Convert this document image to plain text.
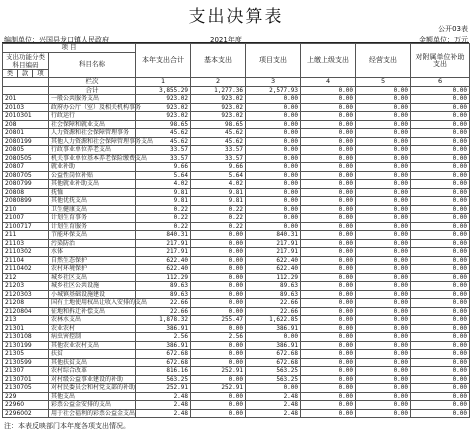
支出决算表
公开03表
编制单位：兴国县龙口镇人民政府	2021年度	金额单位：万元
项 目				本年支出合计	基本支出	项目支出	上缴上级支出	经营支出	对附属单位补助支出
支出功能分类科目编码			科目名称						

类	款	项							
			栏次	1	2	3	4	5	6
			合计	3,855.29	1,277.36	2,577.93	0.00	0.00	0.00
201			一般公共服务支出	923.02	923.02	0.00	0.00	0.00	0.00
20103			政府办公厅（室）及相关机构事务	923.02	923.02	0.00	0.00	0.00	0.00
2010301			行政运行	923.02	923.02	0.00	0.00	0.00	0.00
208			社会保障和就业支出	98.65	98.65	0.00	0.00	0.00	0.00
20801			人力资源和社会保障管理事务	45.62	45.62	0.00	0.00	0.00	0.00
2080199			其他人力资源和社会保障管理事务支出	45.62	45.62	0.00	0.00	0.00	0.00
20805			行政事业单位养老支出	33.57	33.57	0.00	0.00	0.00	0.00
2080505			机关事业单位基本养老保险缴费支出	33.57	33.57	0.00	0.00	0.00	0.00
20807			就业补助	9.66	9.66	0.00	0.00	0.00	0.00
2080705			公益性岗位补贴	5.64	5.64	0.00	0.00	0.00	0.00
2080799			其他就业补助支出	4.02	4.02	0.00	0.00	0.00	0.00
20808			抚恤	9.81	9.81	0.00	0.00	0.00	0.00
2080899			其他优抚支出	9.81	9.81	0.00	0.00	0.00	0.00
210			卫生健康支出	0.22	0.22	0.00	0.00	0.00	0.00
21007			计划生育事务	0.22	0.22	0.00	0.00	0.00	0.00
2100717			计划生育服务	0.22	0.22	0.00	0.00	0.00	0.00
211			节能环保支出	840.31	0.00	840.31	0.00	0.00	0.00
21103			污染防治	217.91	0.00	217.91	0.00	0.00	0.00
2110302			水体	217.91	0.00	217.91	0.00	0.00	0.00
21104			自然生态保护	622.40	0.00	622.40	0.00	0.00	0.00
2110402			农村环境保护	622.40	0.00	622.40	0.00	0.00	0.00
212			城乡社区支出	112.29	0.00	112.29	0.00	0.00	0.00
21203			城乡社区公共设施	89.63	0.00	89.63	0.00	0.00	0.00
2120303			小城镇基础设施建设	89.63	0.00	89.63	0.00	0.00	0.00
21208			国有土地使用权出让收入安排的支出	22.66	0.00	22.66	0.00	0.00	0.00
2120804			征地和拆迁补偿支出	22.66	0.00	22.66	0.00	0.00	0.00
213			农林水支出	1,878.32	255.47	1,622.85	0.00	0.00	0.00
21301			农业农村	386.91	0.00	386.91	0.00	0.00	0.00
2130108			病虫害控制	2.56	2.56	0.00	0.00	0.00	0.00
2130199			其他农业农村支出	386.91	0.00	386.91	0.00	0.00	0.00
21305			扶贫	672.68	0.00	672.68	0.00	0.00	0.00
2130599			其他扶贫支出	672.68	0.00	672.68	0.00	0.00	0.00
21307			农村综合改革	816.16	252.91	563.25	0.00	0.00	0.00
2130701			对村级公益事业建设的补助	563.25	0.00	563.25	0.00	0.00	0.00
2130705			对村民委员会和村党支部的补助	252.91	252.91	0.00	0.00	0.00	0.00
229			其他支出	2.48	0.00	2.48	0.00	0.00	0.00
22960			彩票公益金安排的支出	2.48	0.00	2.48	0.00	0.00	0.00
2296002			用于社会福利的彩票公益金支出	2.48	0.00	2.48	0.00	0.00	0.00
注：本表反映部门本年度各项支出情况。
